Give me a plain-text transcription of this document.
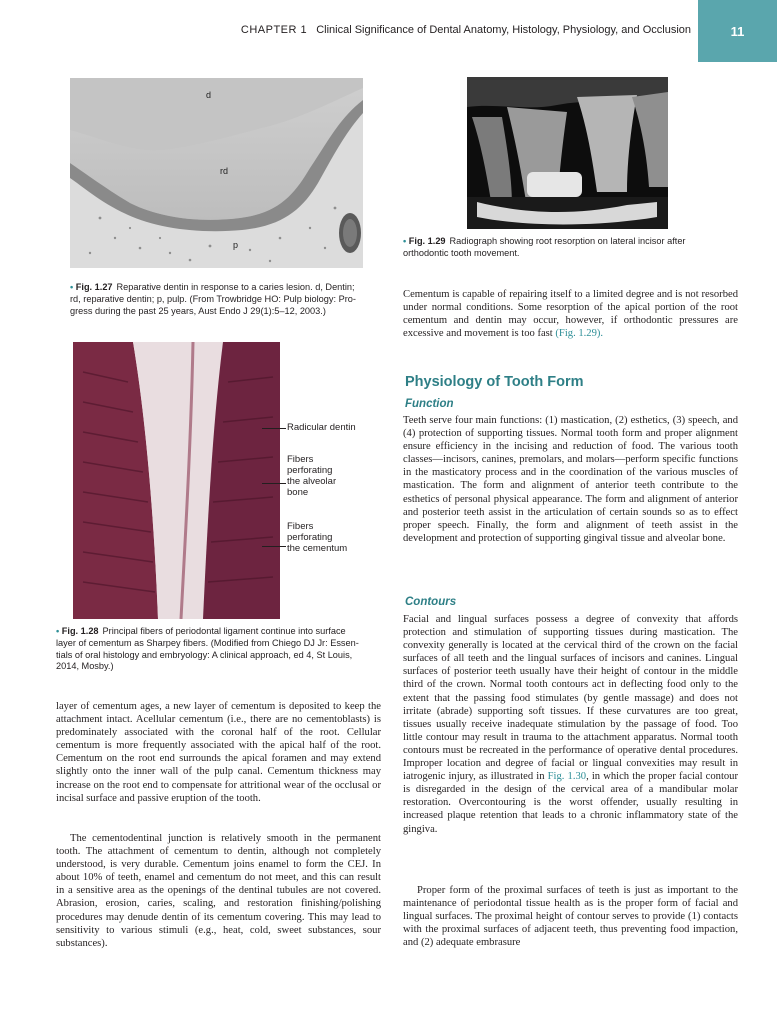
CHAPTER 1 Clinical Significance of Dental Anatomy, Histology, Physiology, and Occlusion	11
d
rd
p
• Fig. 1.27 Reparative dentin in response to a caries lesion. d, Dentin;
rd, reparative dentin; p, pulp. (From Trowbridge HO: Pulp biology: Pro-
gress during the past 25 years, Aust Endo J 29(1):5–12, 2003.)
• Fig. 1.29 Radiograph showing root resorption on lateral incisor after
orthodontic tooth movement.
Radicular dentin
Fibers
perforating
the alveolar
bone
Fibers
perforating
the cementum
• Fig. 1.28 Principal fibers of periodontal ligament continue into surface
layer of cementum as Sharpey fibers. (Modified from Chiego DJ Jr: Essen-
tials of oral histology and embryology: A clinical approach, ed 4, St Louis,
2014, Mosby.)

layer of cementum ages, a new layer of cementum is deposited to keep the attachment intact. Acellular cementum (i.e., there are no cementoblasts) is predominately associated with the coronal half of the root. Cellular cementum is more frequently associated with the apical half of the root. Cementum on the root end surrounds the apical foramen and may extend slightly onto the inner wall of the pulp canal. Cementum thickness may increase on the root end to compensate for attritional wear of the occlusal or incisal surface and passive eruption of the tooth.

The cementodentinal junction is relatively smooth in the permanent tooth. The attachment of cementum to dentin, although not completely understood, is very durable. Cementum joins enamel to form the CEJ. In about 10% of teeth, enamel and cementum do not meet, and this can result in a sensitive area as the openings of the dentinal tubules are not covered. Abrasion, erosion, caries, scaling, and restoration finishing/polishing procedures may denude dentin of its cementum covering. This may lead to sensitivity to various stimuli (e.g., heat, cold, sweet substances, sour substances).

Cementum is capable of repairing itself to a limited degree and is not resorbed under normal conditions. Some resorption of the apical portion of the root cementum and dentin may occur, however, if orthodontic pressures are excessive and movement is too fast (Fig. 1.29).

Physiology of Tooth Form
Function

Teeth serve four main functions: (1) mastication, (2) esthetics, (3) speech, and (4) protection of supporting tissues. Normal tooth form and proper alignment ensure efficiency in the incising and reduction of food. The various tooth classes—incisors, canines, premolars, and molars—perform specific functions in the masticatory process and in the coordination of the various muscles of mastication. The form and alignment of anterior teeth contribute to the esthetics of personal physical appearance. The form and alignment of anterior and posterior teeth assist in the articulation of certain sounds so as to effect proper speech. Finally, the form and alignment of teeth assist in the development and protection of supporting gingival tissue and alveolar bone.

Contours

Facial and lingual surfaces possess a degree of convexity that affords protection and stimulation of supporting tissues during mastication. The convexity generally is located at the cervical third of the crown on the facial surfaces of all teeth and the lingual surfaces of incisors and canines. Lingual surfaces of posterior teeth usually have their height of contour in the middle third of the crown. Normal tooth contours act in deflecting food only to the extent that the passing food stimulates (by gentle massage) and does not irritate (abrade) supporting soft tissues. If these curvatures are too great, tissues usually receive inadequate stimulation by the passage of food. Too little contour may result in trauma to the attachment apparatus. Normal tooth contours must be recreated in the performance of operative dental procedures. Improper location and degree of facial or lingual convexities may result in iatrogenic injury, as illustrated in Fig. 1.30, in which the proper facial contour is disregarded in the design of the cervical area of a mandibular molar restoration. Overcontouring is the worst offender, usually resulting in increased plaque retention that leads to a chronic inflammatory state of the gingiva.

Proper form of the proximal surfaces of teeth is just as important to the maintenance of periodontal tissue health as is the proper form of facial and lingual surfaces. The proximal height of contour serves to provide (1) contacts with the proximal surfaces of adjacent teeth, thus preventing food impaction, and (2) adequate embrasure
